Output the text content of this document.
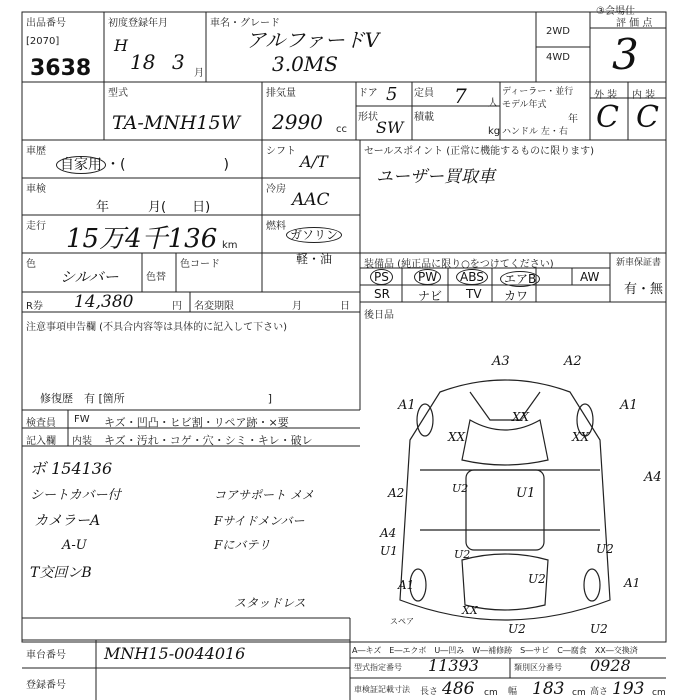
出品番号
[2070]
3638
初度登録年月
H
18 3 月
車名・グレード
アルファードV
3.0MS
2WD
4WD
評 価 点
3
③会場仕
型式
TA-MNH15W
排気量
2990 cc
ドア 5 定員 7 人
形状
SW
積載
kg
ディーラー・並行
モデル年式
年
ハンドル 左・右
外 装 内 装
C C
車歴
自家用 ・(　　　　　　　)
車検
年　　　月(　　日)
走行 15万4千136 km
シフト
A/T
冷房
AAC
燃料
ガソリン
軽・油
色
シルバー	色替
色コード
R券 14,380	円 名変期限	月	日
注意事項申告欄 (不具合内容等は具体的に記入して下さい)
修復歴　有 [箇所　　　　　　　　　　　　　]
セールスポイント (正常に機能するものに限ります)
ユーザー買取車
装備品 (純正品に限り○をつけてください)	新車保証書
有・無
PS	PW	ABS	エアB	AW
SR ナビ TV カワ
後日品
検査員
記入欄
FW キズ・凹凸・ヒビ割・リペア跡・×要
内装 キズ・汚れ・コゲ・穴・シミ・キレ・破レ
ボ 154136
シートカバー付
カメラーA
A-U
T交回ンB
コアサポート メメ
Fサイドメンバー
Fにバテリ
スタッドレス
A3	A2
A1
XX
XX	XX
A1
U1
U2
A2
A4
A4
U1	U2
A1	U2
U2
A1
U2
XX
U2
スペア
A―キズ　E―エクボ　U―凹み　W―補修跡　S―サビ　C―腐食　XX―交換済
車台番号 MNH15-0044016
登録番号
型式指定番号 11393	類別区分番号 0928
車検証記載寸法 長さ 486 cm 幅 183 cm 高さ 193 cm
